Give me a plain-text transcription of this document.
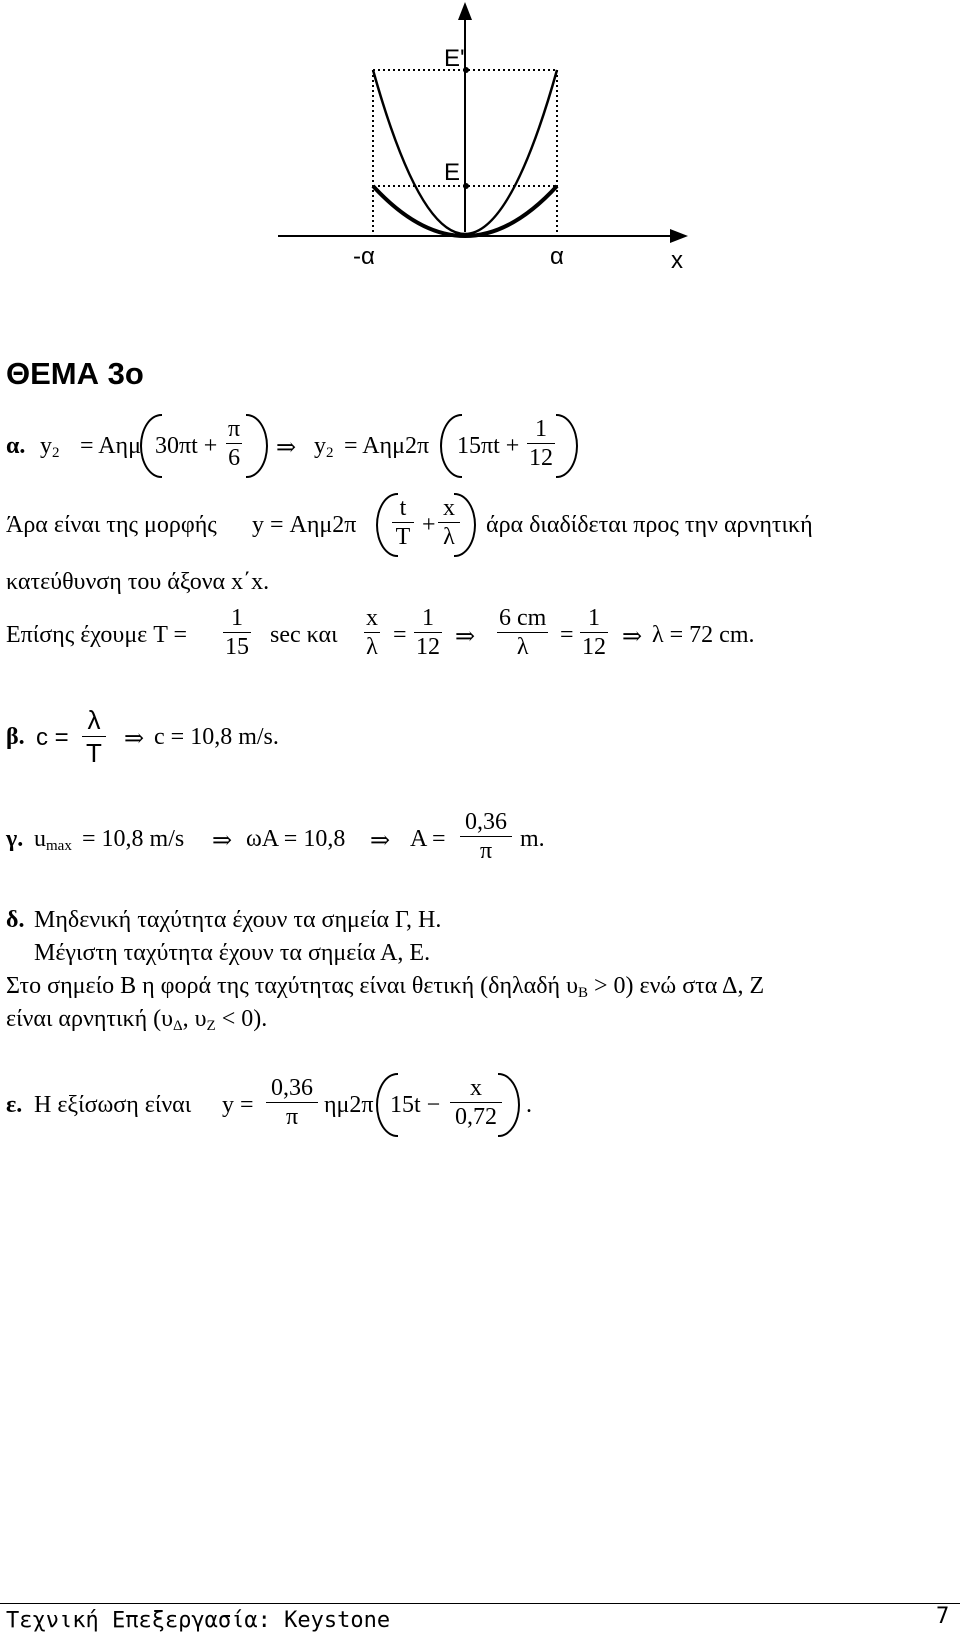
Ε'
Ε
-α	α	x
ΘΕΜΑ 3ο
α. $y_2 = A\eta\mu$ 30πt +
π
6 ⇒ $y_2 = A\eta\mu 2\pi$ 15πt +
1
12
Άρα είναι της μορφής y = Αημ2π
t
T +
x
λ άρα διαδίδεται προς την αρνητική
κατεύθυνση του άξονα x΄x.
Επίσης έχουμε T =
1
15 sec και
x
λ =
1
12 ⇒
6 cm
λ =
1
12 ⇒ λ = 72 cm.
β. c =
λ
T ⇒ c = 10,8 m/s.
γ. $u_{max} = 10,8$ m/s ⇒ ωΑ = 10,8 ⇒ Α =
0,36
π m.
δ. Μηδενική ταχύτητα έχουν τα σημεία Γ, Η.
Μέγιστη ταχύτητα έχουν τα σημεία Α, Ε.
Στο σημείο Β η φορά της ταχύτητας είναι θετική (δηλαδή $\upsilon_B > 0$) ενώ στα Δ, Ζ
είναι αρνητική ($\upsilon_\Delta$, $\upsilon_Z < 0$).
ε. Η εξίσωση είναι y =
0,36
π ημ2π 15t −
x
0,72 .
Τεχνική Επεξεργασία: Keystone	7
